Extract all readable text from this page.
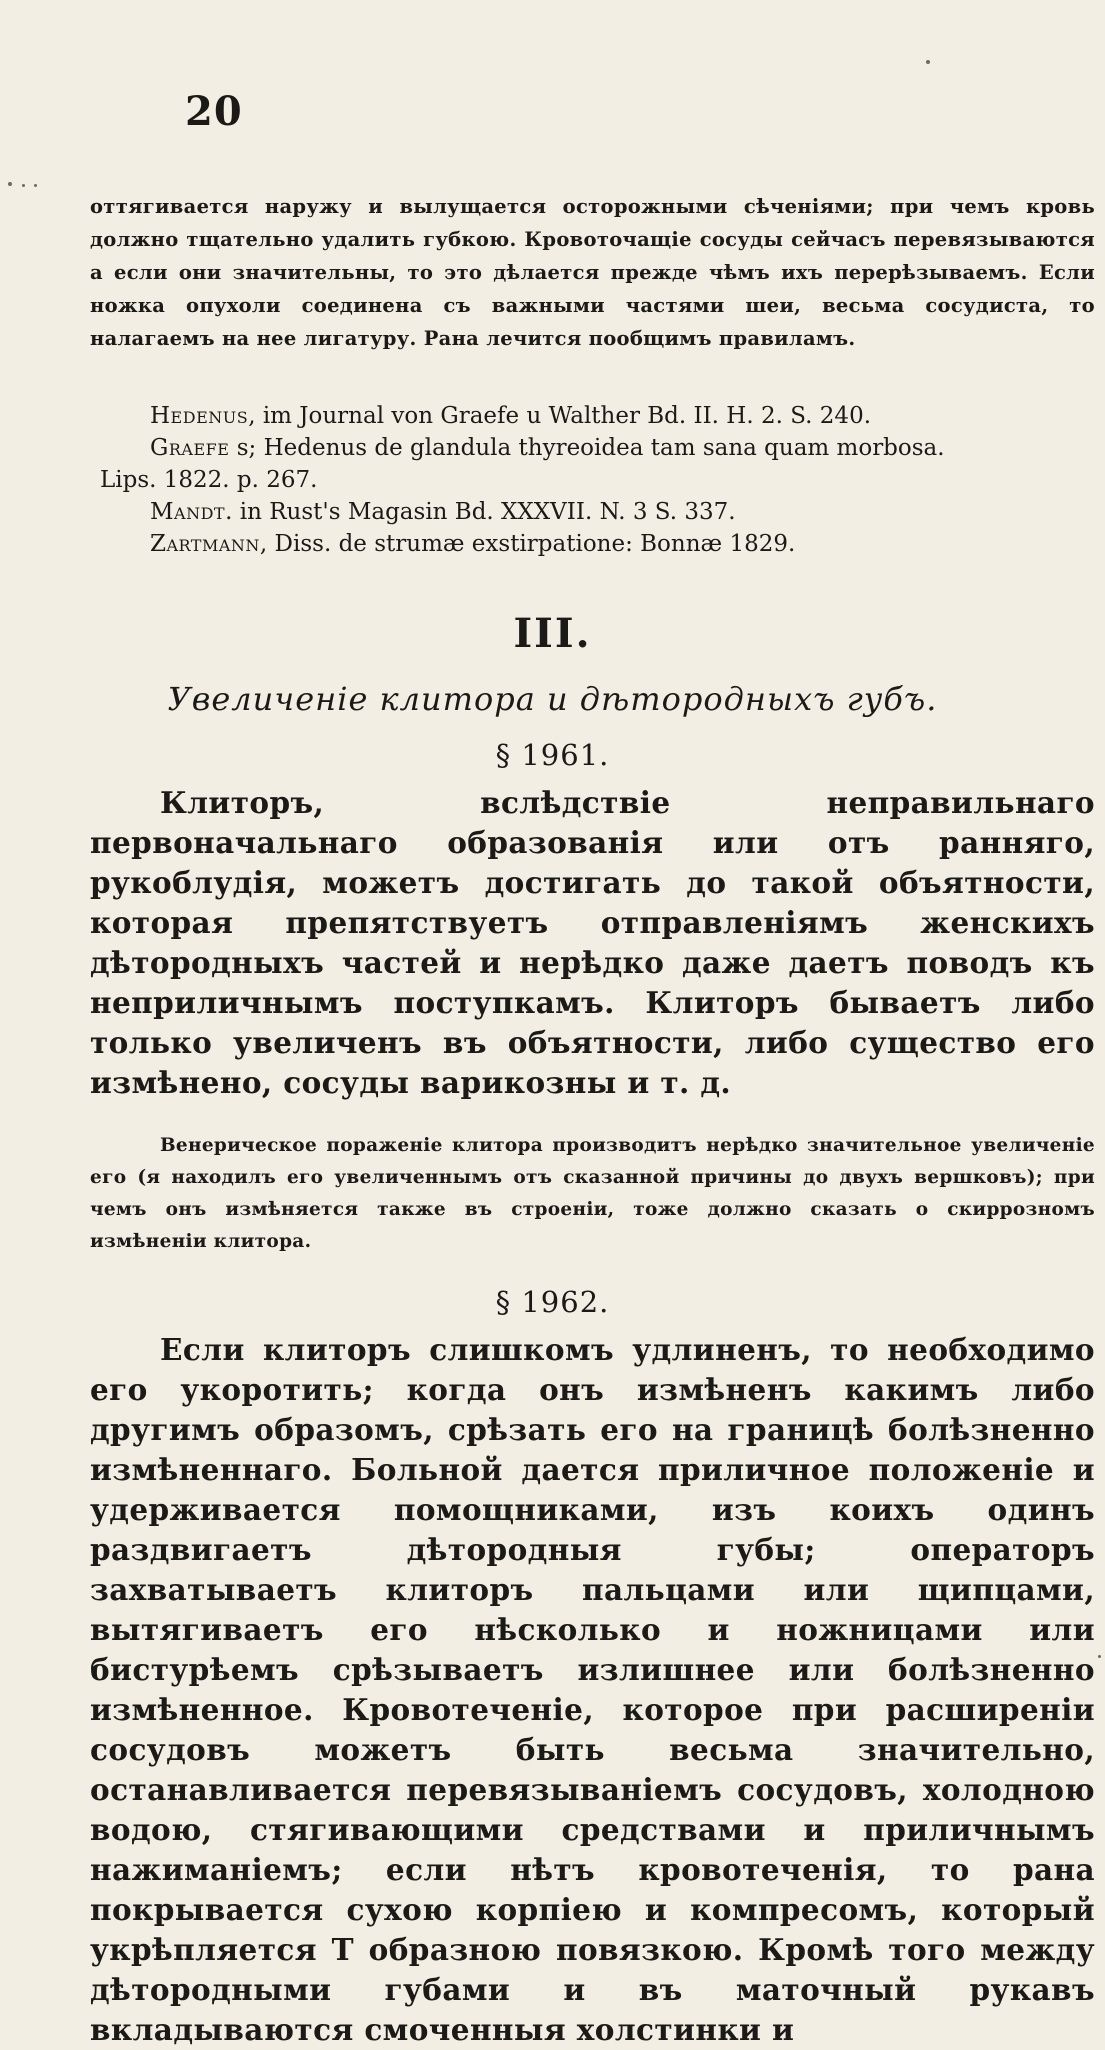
20
оттягивается наружу и вылущается осторожными сѣченіями; при чемъ кровь должно тщательно удалить губкою. Кровоточащіе сосуды сейчасъ перевязываются а если они значительны, то это дѣлается прежде чѣмъ ихъ перерѣзываемъ. Если ножка опухоли соединена съ важными частями шеи, весьма сосудиста, то налагаемъ на нее лигатуру. Рана лечится пообщимъ правиламъ.
Hedenus, im Journal von Graefe u Walther Bd. II. H. 2. S. 240.
Graefe s; Hedenus de glandula thyreoidea tam sana quam morbosa.
Lips. 1822. p. 267.
Mandt. in Rust's Magasin Bd. XXXVII. N. 3 S. 337.
Zartmann, Diss. de strumæ exstirpatione: Bonnæ 1829.
III.
Увеличеніе клитора и дѣтородныхъ губъ.
§ 1961.
Клиторъ, вслѣдствіе неправильнаго первоначальнаго образованія или отъ ранняго, рукоблудія, можетъ достигать до такой объятности, которая препятствуетъ отправленіямъ женскихъ дѣтородныхъ частей и нерѣдко даже даетъ поводъ къ неприличнымъ поступкамъ. Клиторъ бываетъ либо только увеличенъ въ объятности, либо существо его измѣнено, сосуды варикозны и т. д.
Венерическое пораженіе клитора производитъ нерѣдко значительное увеличеніе его (я находилъ его увеличеннымъ отъ сказанной причины до двухъ вершковъ); при чемъ онъ измѣняется также въ строеніи, тоже должно сказать о скиррозномъ измѣненіи клитора.
§ 1962.
Если клиторъ слишкомъ удлиненъ, то необходимо его укоротить; когда онъ измѣненъ какимъ либо другимъ образомъ, срѣзать его на границѣ болѣзненно измѣненнаго. Больной дается приличное положеніе и удерживается помощниками, изъ коихъ одинъ раздвигаетъ дѣтородныя губы; операторъ захватываетъ клиторъ пальцами или щипцами, вытягиваетъ его нѣсколько и ножницами или бистурѣемъ срѣзываетъ излишнее или болѣзненно измѣненное. Кровотеченіе, которое при расширеніи сосудовъ можетъ быть весьма значительно, останавливается перевязываніемъ сосудовъ, холодною водою, стягивающими средствами и приличнымъ нажиманіемъ; если нѣтъ кровотеченія, то рана покрывается сухою корпіею и компресомъ, который укрѣпляется Т образною повязкою. Кромѣ того между дѣтородными губами и въ маточный рукавъ вкладываются смоченныя холстинки и
